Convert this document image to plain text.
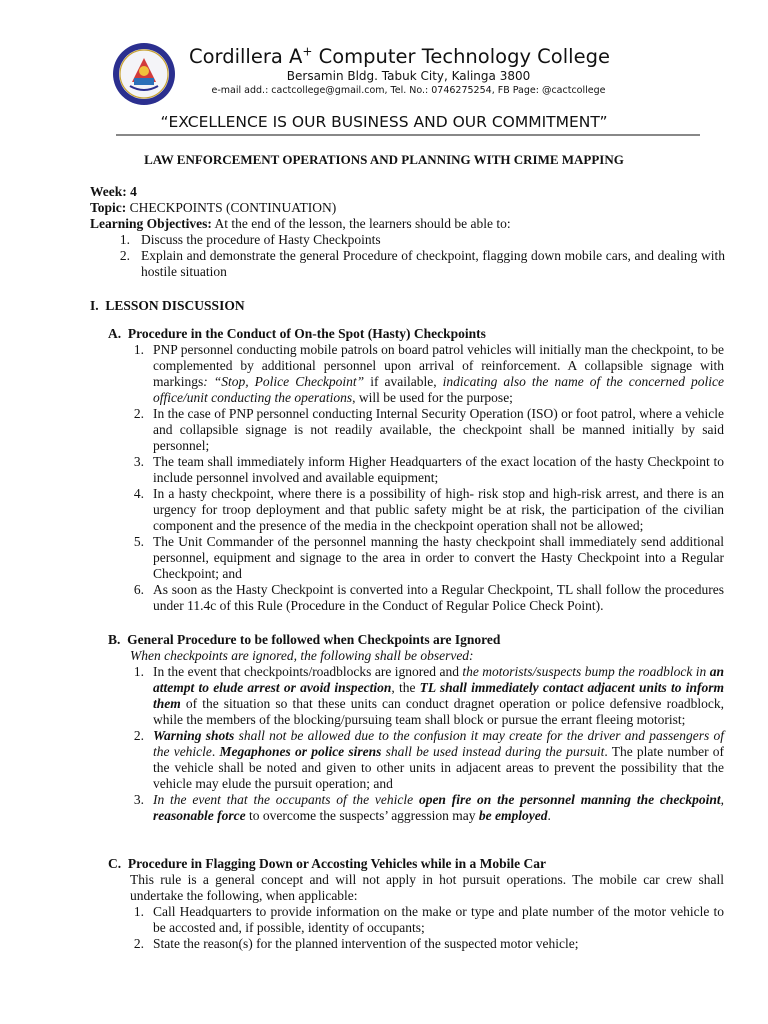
Cordillera A+ Computer Technology College
Bersamin Bldg. Tabuk City, Kalinga 3800
e-mail add.: cactcollege@gmail.com, Tel. No.: 0746275254, FB Page: @cactcollege
“EXCELLENCE IS OUR BUSINESS AND OUR COMMITMENT”
LAW ENFORCEMENT OPERATIONS AND PLANNING WITH CRIME MAPPING
Week: 4
Topic: CHECKPOINTS (CONTINUATION)
Learning Objectives: At the end of the lesson, the learners should be able to:
1. Discuss the procedure of Hasty Checkpoints
2. Explain and demonstrate the general Procedure of checkpoint, flagging down mobile cars, and dealing with hostile situation
I. LESSON DISCUSSION
A. Procedure in the Conduct of On-the Spot (Hasty) Checkpoints
1. PNP personnel conducting mobile patrols on board patrol vehicles will initially man the checkpoint, to be complemented by additional personnel upon arrival of reinforcement. A collapsible signage with markings: “Stop, Police Checkpoint” if available, indicating also the name of the concerned police office/unit conducting the operations, will be used for the purpose;
2. In the case of PNP personnel conducting Internal Security Operation (ISO) or foot patrol, where a vehicle and collapsible signage is not readily available, the checkpoint shall be manned initially by said personnel;
3. The team shall immediately inform Higher Headquarters of the exact location of the hasty Checkpoint to include personnel involved and available equipment;
4. In a hasty checkpoint, where there is a possibility of high- risk stop and high-risk arrest, and there is an urgency for troop deployment and that public safety might be at risk, the participation of the civilian component and the presence of the media in the checkpoint operation shall not be allowed;
5. The Unit Commander of the personnel manning the hasty checkpoint shall immediately send additional personnel, equipment and signage to the area in order to convert the Hasty Checkpoint into a Regular Checkpoint; and
6. As soon as the Hasty Checkpoint is converted into a Regular Checkpoint, TL shall follow the procedures under 11.4c of this Rule (Procedure in the Conduct of Regular Police Check Point).
B. General Procedure to be followed when Checkpoints are Ignored
When checkpoints are ignored, the following shall be observed:
1. In the event that checkpoints/roadblocks are ignored and the motorists/suspects bump the roadblock in an attempt to elude arrest or avoid inspection, the TL shall immediately contact adjacent units to inform them of the situation so that these units can conduct dragnet operation or police defensive roadblock, while the members of the blocking/pursuing team shall block or pursue the errant fleeing motorist;
2. Warning shots shall not be allowed due to the confusion it may create for the driver and passengers of the vehicle. Megaphones or police sirens shall be used instead during the pursuit. The plate number of the vehicle shall be noted and given to other units in adjacent areas to prevent the possibility that the vehicle may elude the pursuit operation; and
3. In the event that the occupants of the vehicle open fire on the personnel manning the checkpoint, reasonable force to overcome the suspects’ aggression may be employed.
C. Procedure in Flagging Down or Accosting Vehicles while in a Mobile Car
This rule is a general concept and will not apply in hot pursuit operations. The mobile car crew shall undertake the following, when applicable:
1. Call Headquarters to provide information on the make or type and plate number of the motor vehicle to be accosted and, if possible, identity of occupants;
2. State the reason(s) for the planned intervention of the suspected motor vehicle;
